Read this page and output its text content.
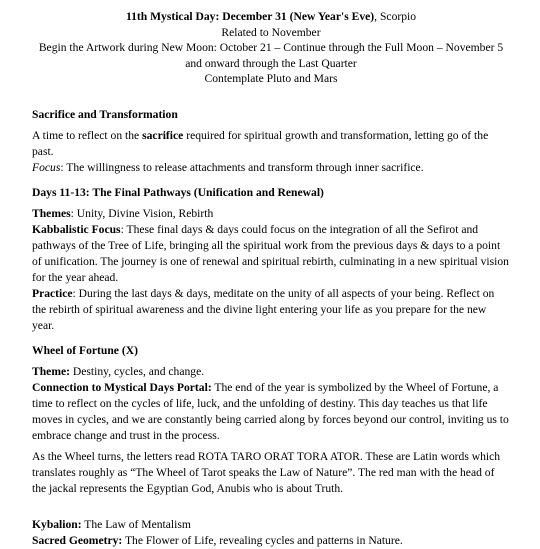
11th Mystical Day: December 31 (New Year's Eve), Scorpio

Related to November

Begin the Artwork during New Moon: October 21 – Continue through the Full Moon – November 5

and onward through the Last Quarter

Contemplate Pluto and Mars

Sacrifice and Transformation

A time to reflect on the sacrifice required for spiritual growth and transformation, letting go of the past.

Focus: The willingness to release attachments and transform through inner sacrifice.

Days 11-13: The Final Pathways (Unification and Renewal)

Themes: Unity, Divine Vision, Rebirth

Kabbalistic Focus: These final days & days could focus on the integration of all the Sefirot and pathways of the Tree of Life, bringing all the spiritual work from the previous days & days to a point of unification. The journey is one of renewal and spiritual rebirth, culminating in a new spiritual vision for the year ahead.

Practice: During the last days & days, meditate on the unity of all aspects of your being. Reflect on the rebirth of spiritual awareness and the divine light entering your life as you prepare for the new year.

Wheel of Fortune (X)

Theme: Destiny, cycles, and change.

Connection to Mystical Days Portal: The end of the year is symbolized by the Wheel of Fortune, a time to reflect on the cycles of life, luck, and the unfolding of destiny. This day teaches us that life moves in cycles, and we are constantly being carried along by forces beyond our control, inviting us to embrace change and trust in the process.

As the Wheel turns, the letters read ROTA TARO ORAT TORA ATOR. These are Latin words which translates roughly as “The Wheel of Tarot speaks the Law of Nature”. The red man with the head of the jackal represents the Egyptian God, Anubis who is about Truth.

Kybalion: The Law of Mentalism

Sacred Geometry: The Flower of Life, revealing cycles and patterns in Nature.
